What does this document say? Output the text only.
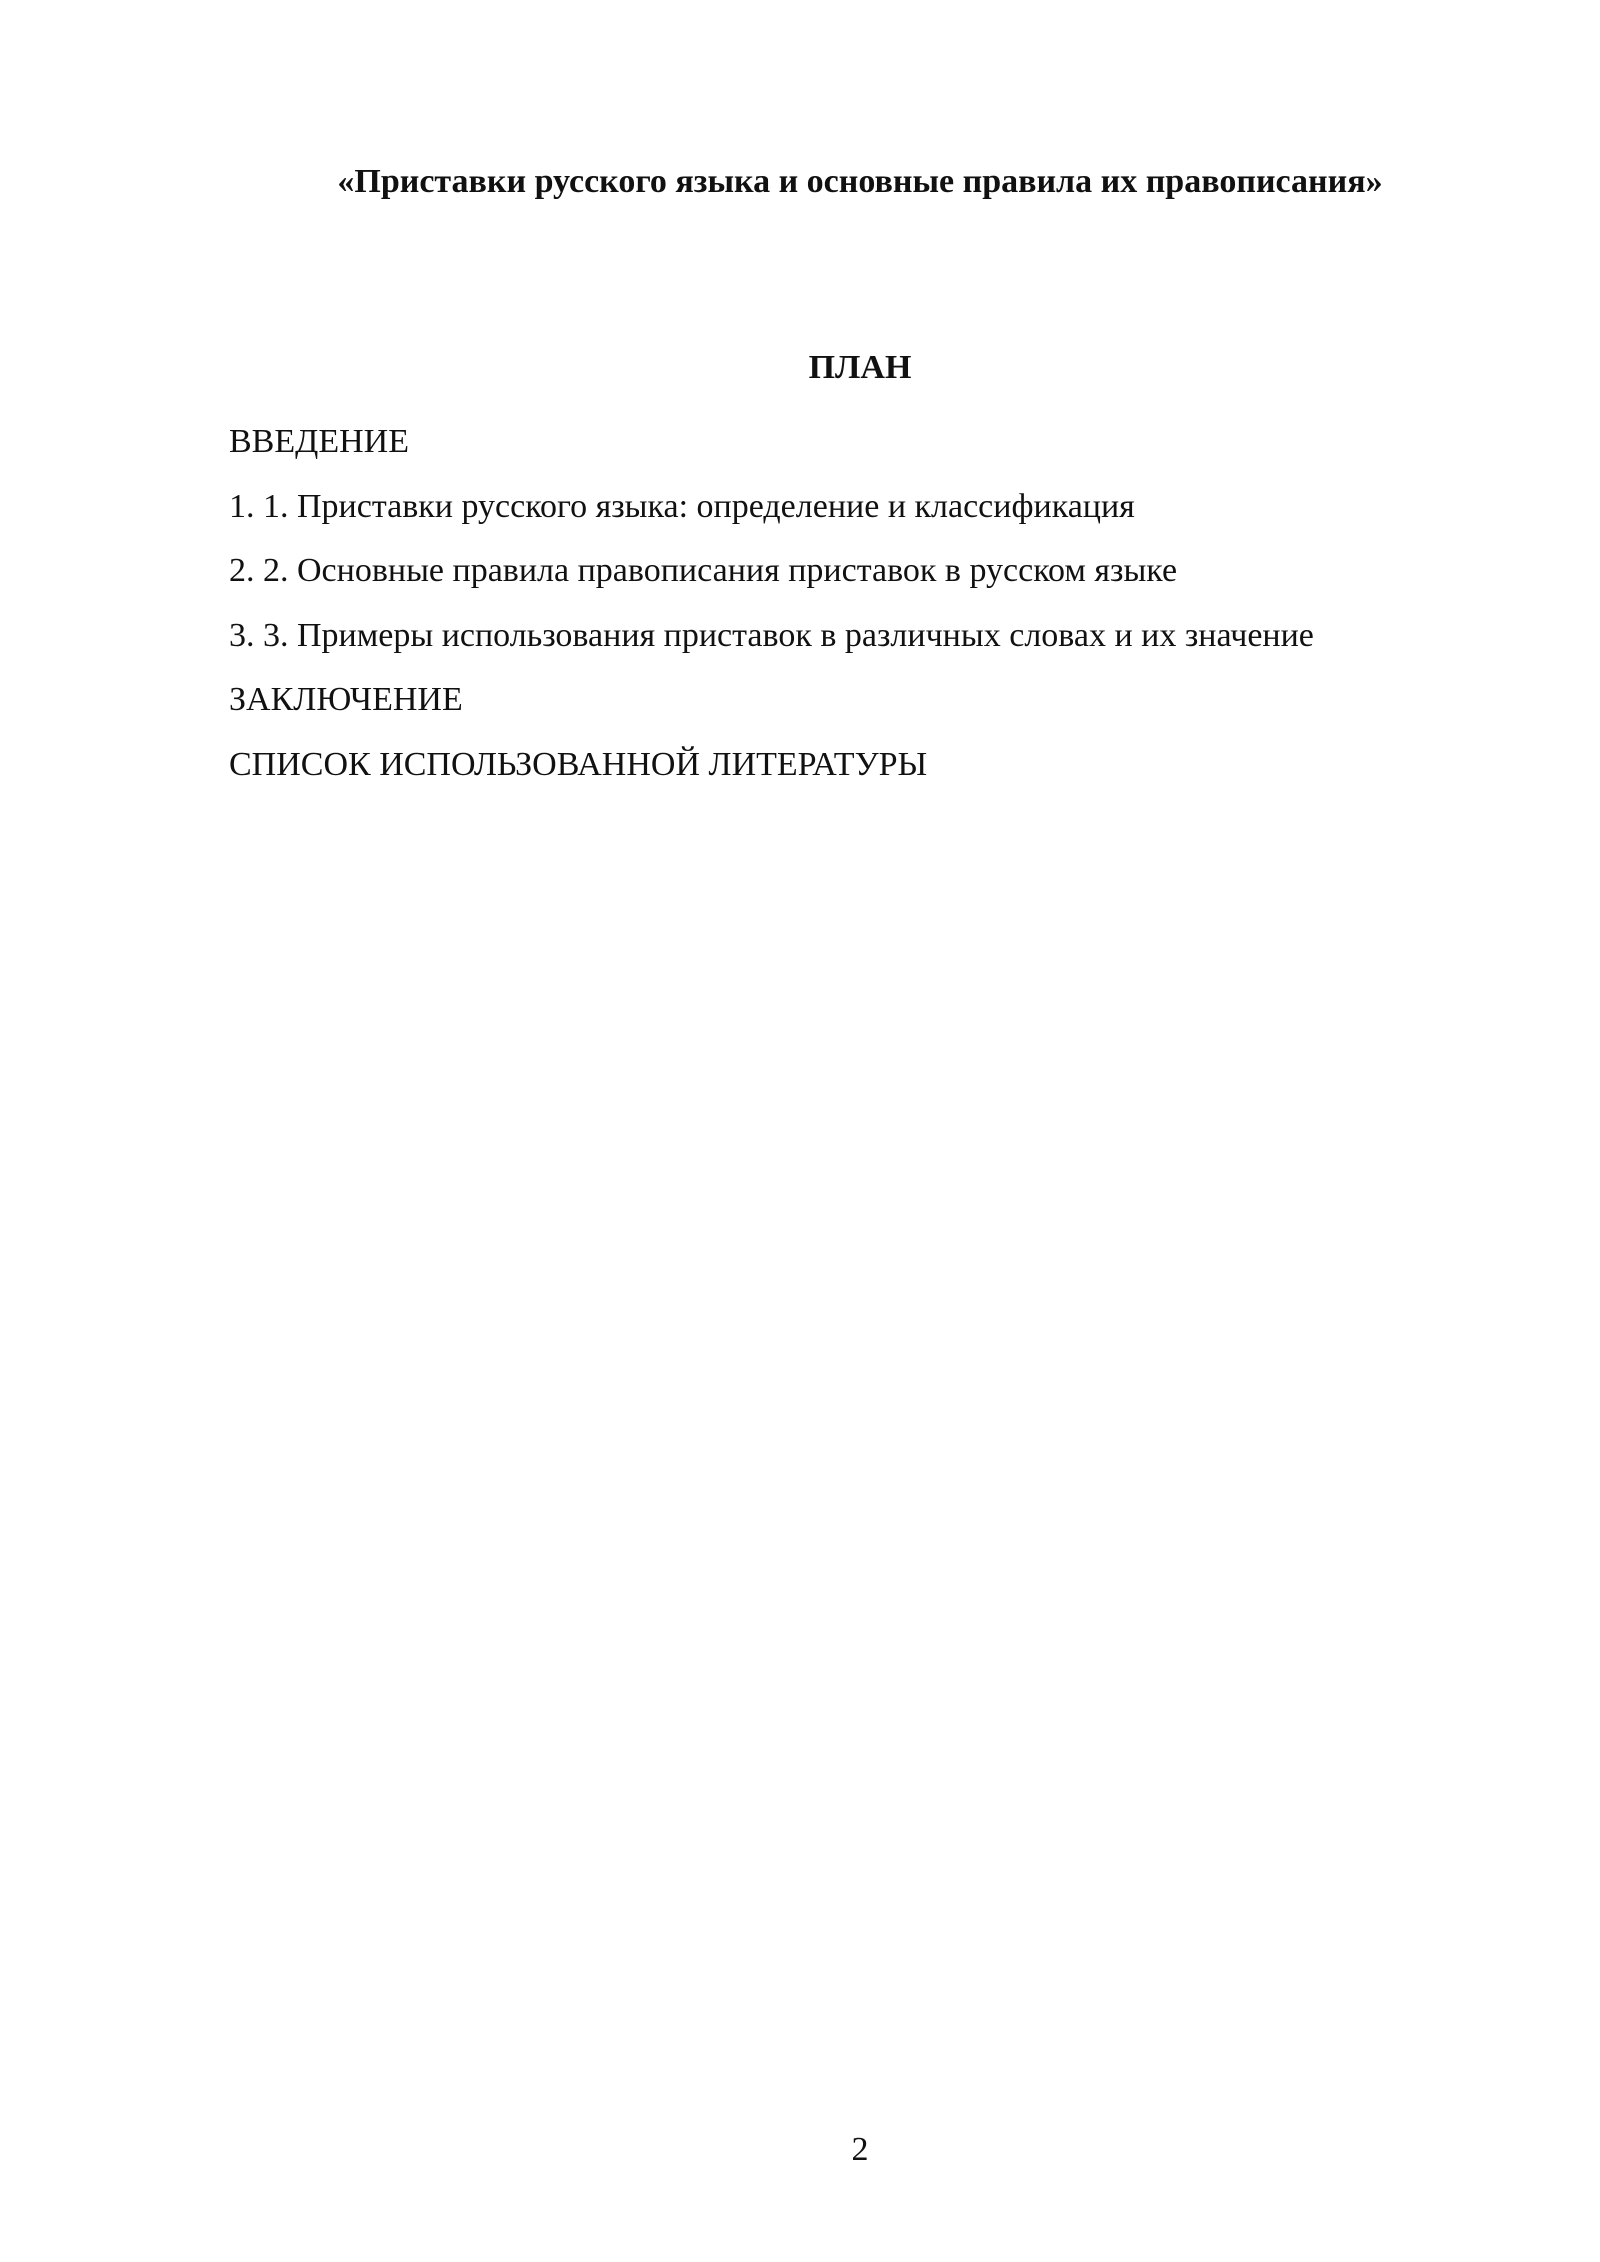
«Приставки русского языка и основные правила их правописания»
ПЛАН
ВВЕДЕНИЕ
1. 1. Приставки русского языка: определение и классификация
2. 2. Основные правила правописания приставок в русском языке
3. 3. Примеры использования приставок в различных словах и их значение
ЗАКЛЮЧЕНИЕ
СПИСОК ИСПОЛЬЗОВАННОЙ ЛИТЕРАТУРЫ
2
